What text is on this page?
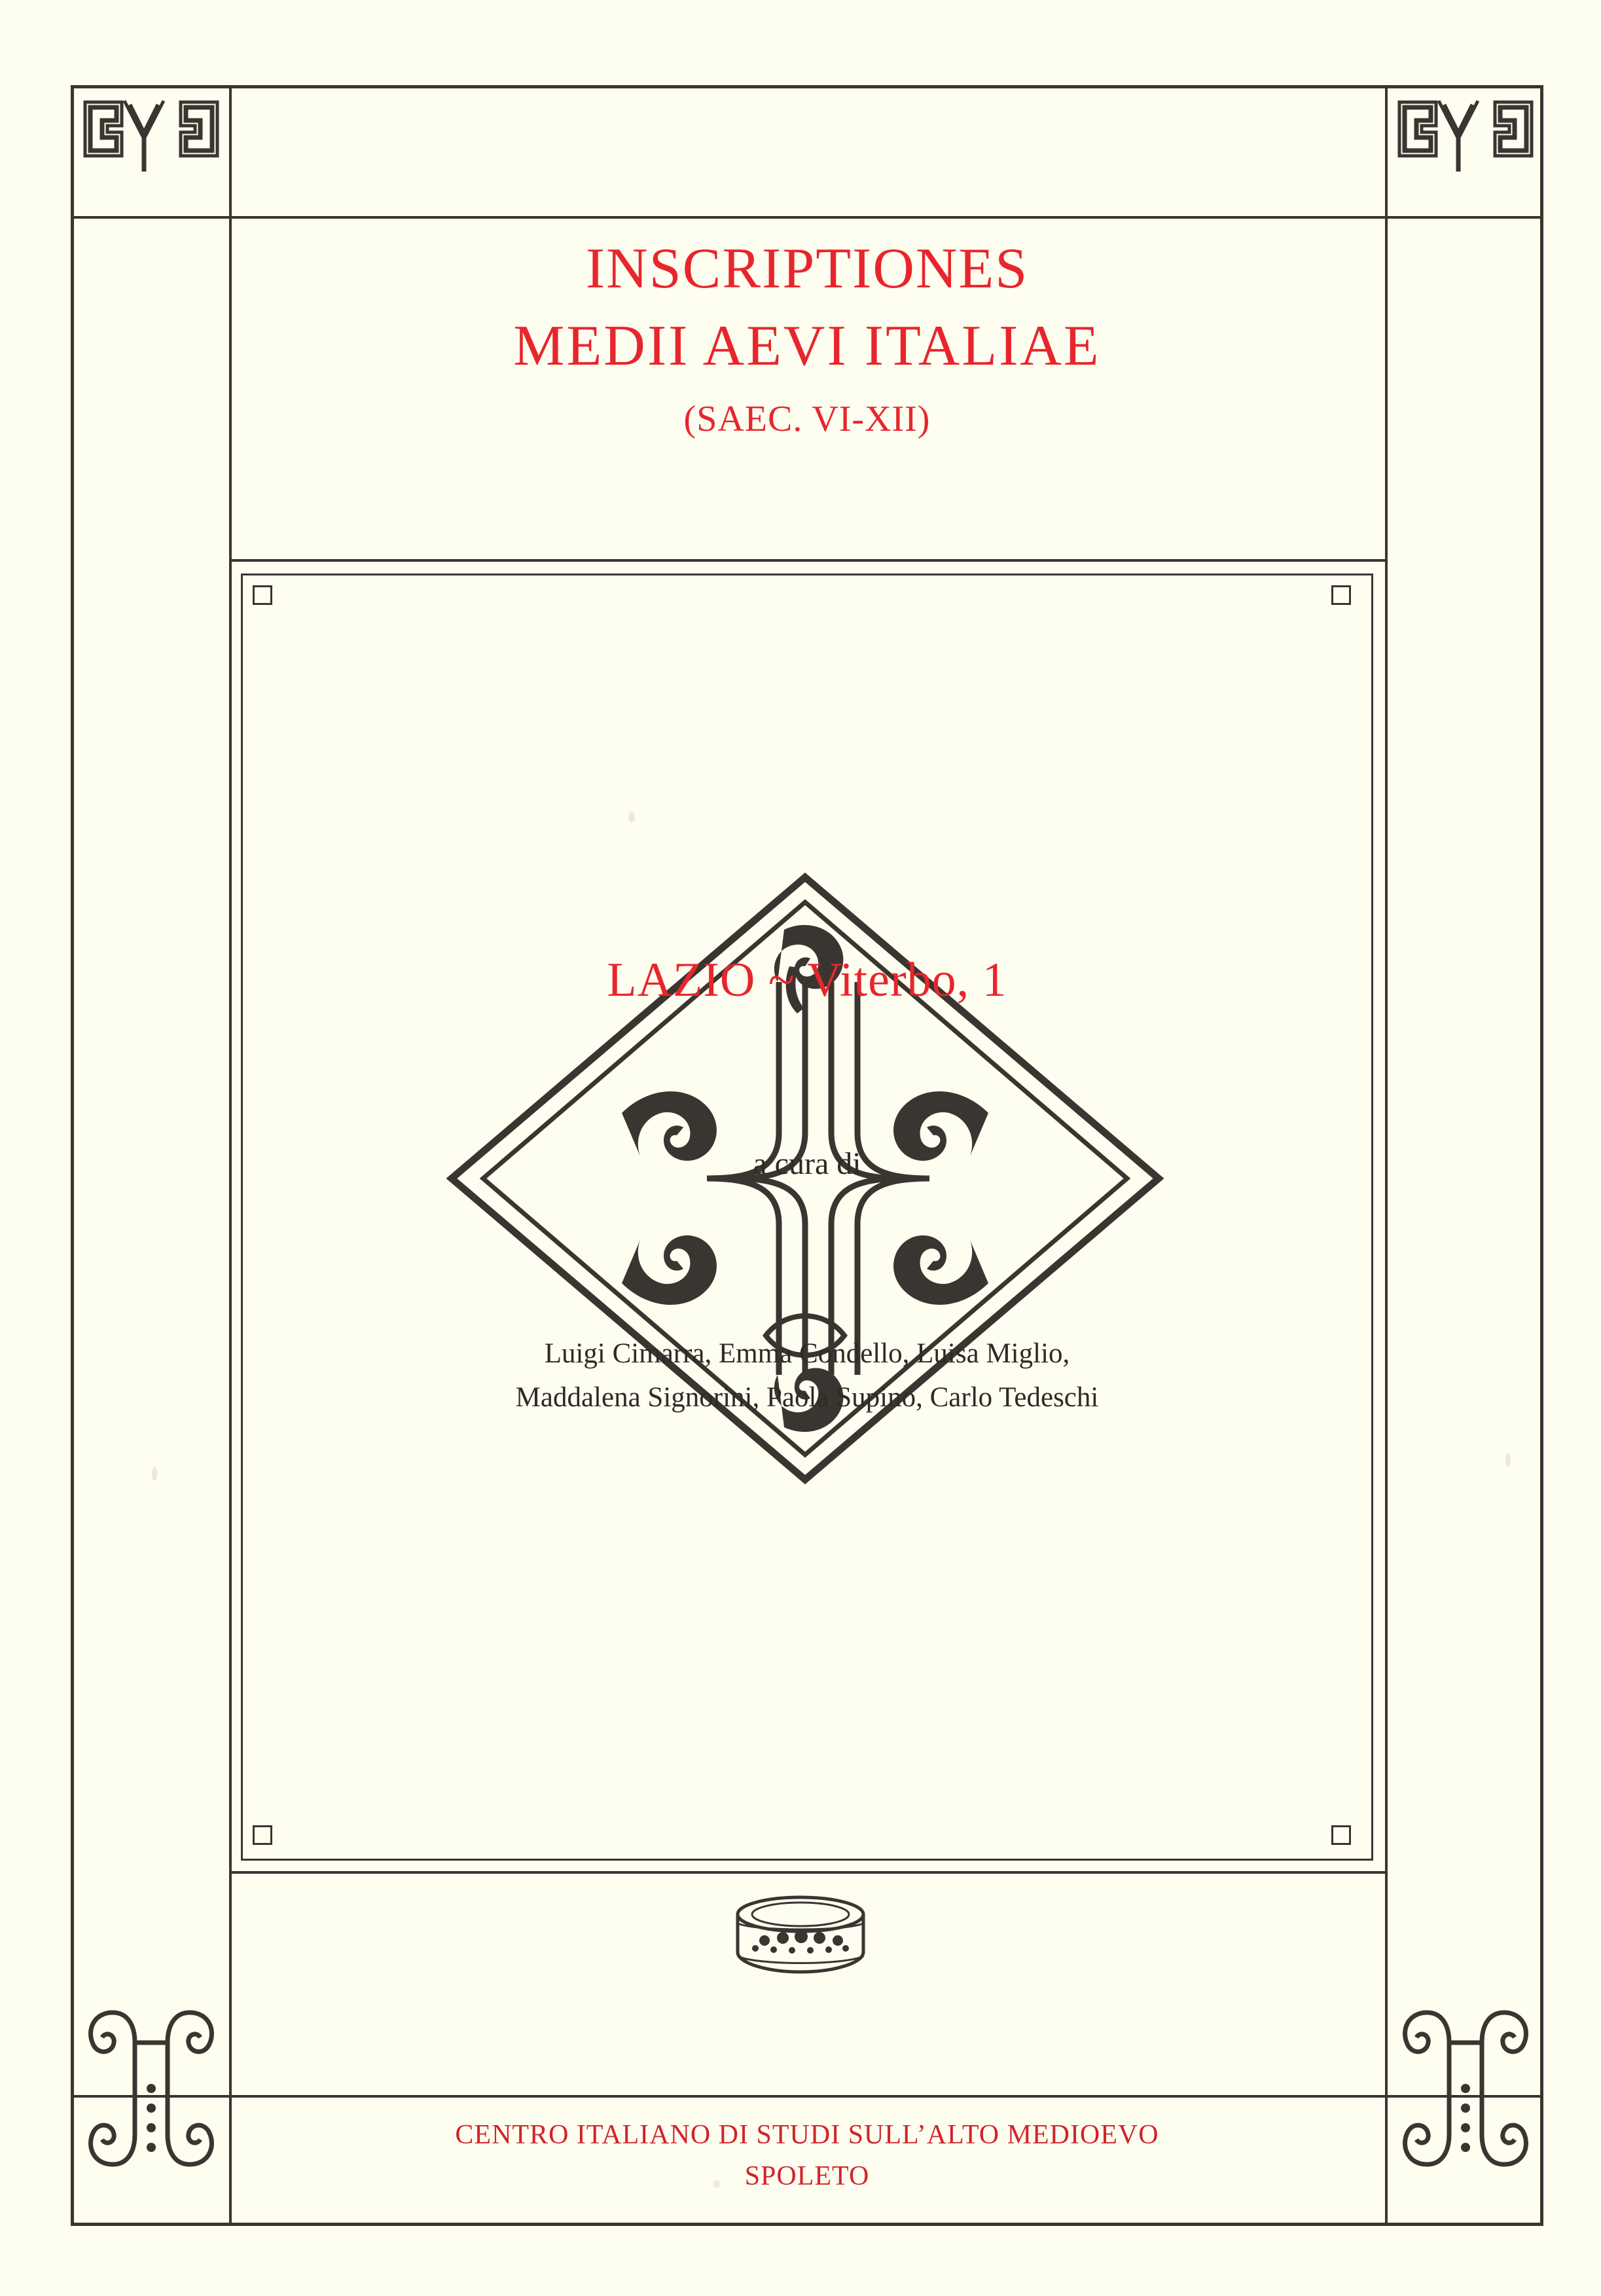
INSCRIPTIONES
MEDII AEVI ITALIAE
(SAEC. VI-XII)
LAZIO ~ Viterbo, 1
a cura di
Luigi Cimarra, Emma Condello, Luisa Miglio,
Maddalena Signorini, Paola Supino, Carlo Tedeschi
CENTRO ITALIANO DI STUDI SULL’ALTO MEDIOEVO
SPOLETO
